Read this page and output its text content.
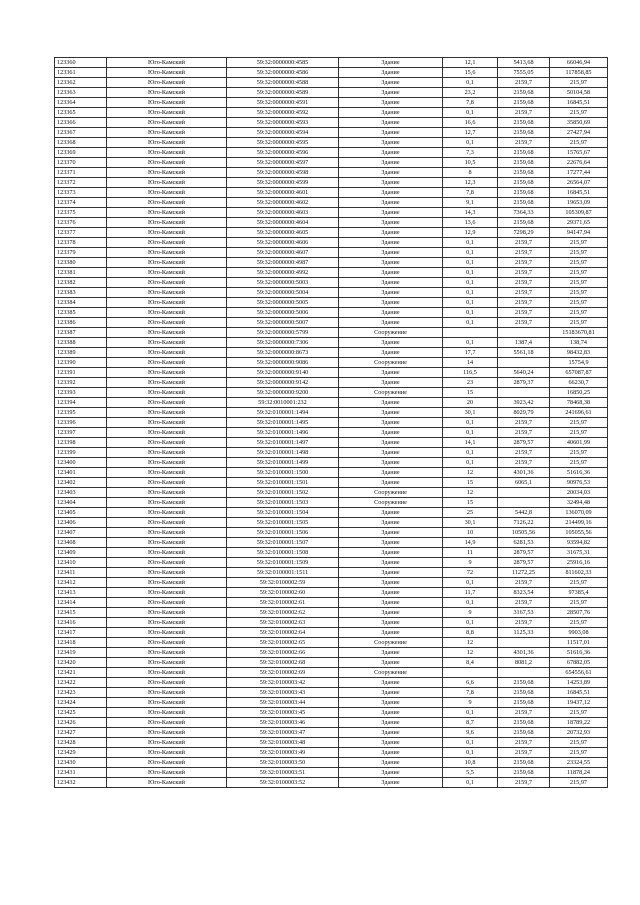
123360	Юго-Камский	59:32:0000000:4585	Здание	12,1	5413,68	66046,94
123361	Юго-Камский	59:32:0000000:4586	Здание	15,6	7555,05	117858,85
123362	Юго-Камский	59:32:0000000:4588	Здание	0,1	2159,7	215,97
123363	Юго-Камский	59:32:0000000:4589	Здание	23,2	2159,68	50104,58
123364	Юго-Камский	59:32:0000000:4591	Здание	7,8	2159,68	16845,51
123365	Юго-Камский	59:32:0000000:4592	Здание	0,1	2159,7	215,97
123366	Юго-Камский	59:32:0000000:4593	Здание	16,6	2159,68	35850,69
123367	Юго-Камский	59:32:0000000:4594	Здание	12,7	2159,68	27427,94
123368	Юго-Камский	59:32:0000000:4595	Здание	0,1	2159,7	215,97
123369	Юго-Камский	59:32:0000000:4596	Здание	7,3	2159,68	15765,67
123370	Юго-Камский	59:32:0000000:4597	Здание	10,5	2159,68	22676,64
123371	Юго-Камский	59:32:0000000:4598	Здание	8	2159,68	17277,44
123372	Юго-Камский	59:32:0000000:4599	Здание	12,3	2159,68	26564,07
123373	Юго-Камский	59:32:0000000:4601	Здание	7,8	2159,68	16845,51
123374	Юго-Камский	59:32:0000000:4602	Здание	9,1	2159,68	19653,09
123375	Юго-Камский	59:32:0000000:4603	Здание	14,3	7364,33	105309,87
123376	Юго-Камский	59:32:0000000:4604	Здание	13,6	2159,68	29371,65
123377	Юго-Камский	59:32:0000000:4605	Здание	12,9	7298,29	94147,94
123378	Юго-Камский	59:32:0000000:4606	Здание	0,1	2159,7	215,97
123379	Юго-Камский	59:32:0000000:4607	Здание	0,1	2159,7	215,97
123380	Юго-Камский	59:32:0000000:4987	Здание	0,1	2159,7	215,97
123381	Юго-Камский	59:32:0000000:4992	Здание	0,1	2159,7	215,97
123382	Юго-Камский	59:32:0000000:5003	Здание	0,1	2159,7	215,97
123383	Юго-Камский	59:32:0000000:5004	Здание	0,1	2159,7	215,97
123384	Юго-Камский	59:32:0000000:5005	Здание	0,1	2159,7	215,97
123385	Юго-Камский	59:32:0000000:5006	Здание	0,1	2159,7	215,97
123386	Юго-Камский	59:32:0000000:5007	Здание	0,1	2159,7	215,97
123387	Юго-Камский	59:32:0000000:5799	Сооружение			15183670,81
123388	Юго-Камский	59:32:0000000:7306	Здание	0,1	1387,4	138,74
123389	Юго-Камский	59:32:0000000:8673	Здание	17,7	5561,18	98432,83
123390	Юго-Камский	59:32:0000000:9086	Сооружение	14		15754,9
123391	Юго-Камский	59:32:0000000:9140	Здание	116,5	5640,24	657087,87
123392	Юго-Камский	59:32:0000000:9142	Здание	23	2879,37	66230,7
123393	Юго-Камский	59:32:0000000:9200	Сооружение	15		16850,25
123394	Юго-Камский	59:32:0010001:232	Здание	20	3923,42	78468,38
123395	Юго-Камский	59:32:0100001:1494	Здание	30,1	8029,79	241696,61
123396	Юго-Камский	59:32:0100001:1495	Здание	0,1	2159,7	215,97
123397	Юго-Камский	59:32:0100001:1496	Здание	0,1	2159,7	215,97
123398	Юго-Камский	59:32:0100001:1497	Здание	14,1	2879,57	40601,99
123399	Юго-Камский	59:32:0100001:1498	Здание	0,1	2159,7	215,97
123400	Юго-Камский	59:32:0100001:1499	Здание	0,1	2159,7	215,97
123401	Юго-Камский	59:32:0100001:1500	Здание	12	4301,36	51616,36
123402	Юго-Камский	59:32:0100001:1501	Здание	15	6065,1	90976,53
123403	Юго-Камский	59:32:0100001:1502	Сооружение	12		20034,03
123404	Юго-Камский	59:32:0100001:1503	Сооружение	15		32494,48
123405	Юго-Камский	59:32:0100001:1504	Здание	25	5442,8	136070,09
123406	Юго-Камский	59:32:0100001:1505	Здание	30,1	7126,22	214499,16
123407	Юго-Камский	59:32:0100001:1506	Здание	10	10505,56	105055,56
123408	Юго-Камский	59:32:0100001:1507	Здание	14,9	6281,53	93594,82
123409	Юго-Камский	59:32:0100001:1508	Здание	11	2879,57	31675,31
123410	Юго-Камский	59:32:0100001:1509	Здание	9	2879,57	25916,16
123411	Юго-Камский	59:32:0100001:1511	Здание	72	11272,25	811602,33
123412	Юго-Камский	59:32:0100002:59	Здание	0,1	2159,7	215,97
123413	Юго-Камский	59:32:0100002:60	Здание	11,7	8323,54	97385,4
123414	Юго-Камский	59:32:0100002:61	Здание	0,1	2159,7	215,97
123415	Юго-Камский	59:32:0100002:62	Здание	9	3167,53	28507,76
123416	Юго-Камский	59:32:0100002:63	Здание	0,1	2159,7	215,97
123417	Юго-Камский	59:32:0100002:64	Здание	8,8	1125,33	9903,08
123418	Юго-Камский	59:32:0100002:65	Сооружение	12		11517,01
123419	Юго-Камский	59:32:0100002:66	Здание	12	4301,36	51616,36
123420	Юго-Камский	59:32:0100002:68	Здание	8,4	8081,2	67882,05
123421	Юго-Камский	59:32:0100002:69	Сооружение			654556,61
123422	Юго-Камский	59:32:0100003:42	Здание	6,6	2159,68	14253,89
123423	Юго-Камский	59:32:0100003:43	Здание	7,8	2159,68	16845,51
123424	Юго-Камский	59:32:0100003:44	Здание	9	2159,68	19437,12
123425	Юго-Камский	59:32:0100003:45	Здание	0,1	2159,7	215,97
123426	Юго-Камский	59:32:0100003:46	Здание	8,7	2159,68	18789,22
123427	Юго-Камский	59:32:0100003:47	Здание	9,6	2159,68	20732,93
123428	Юго-Камский	59:32:0100003:48	Здание	0,1	2159,7	215,97
123429	Юго-Камский	59:32:0100003:49	Здание	0,1	2159,7	215,97
123430	Юго-Камский	59:32:0100003:50	Здание	10,8	2159,68	23324,55
123431	Юго-Камский	59:32:0100003:51	Здание	5,5	2159,68	11878,24
123432	Юго-Камский	59:32:0100003:52	Здание	0,1	2159,7	215,97
